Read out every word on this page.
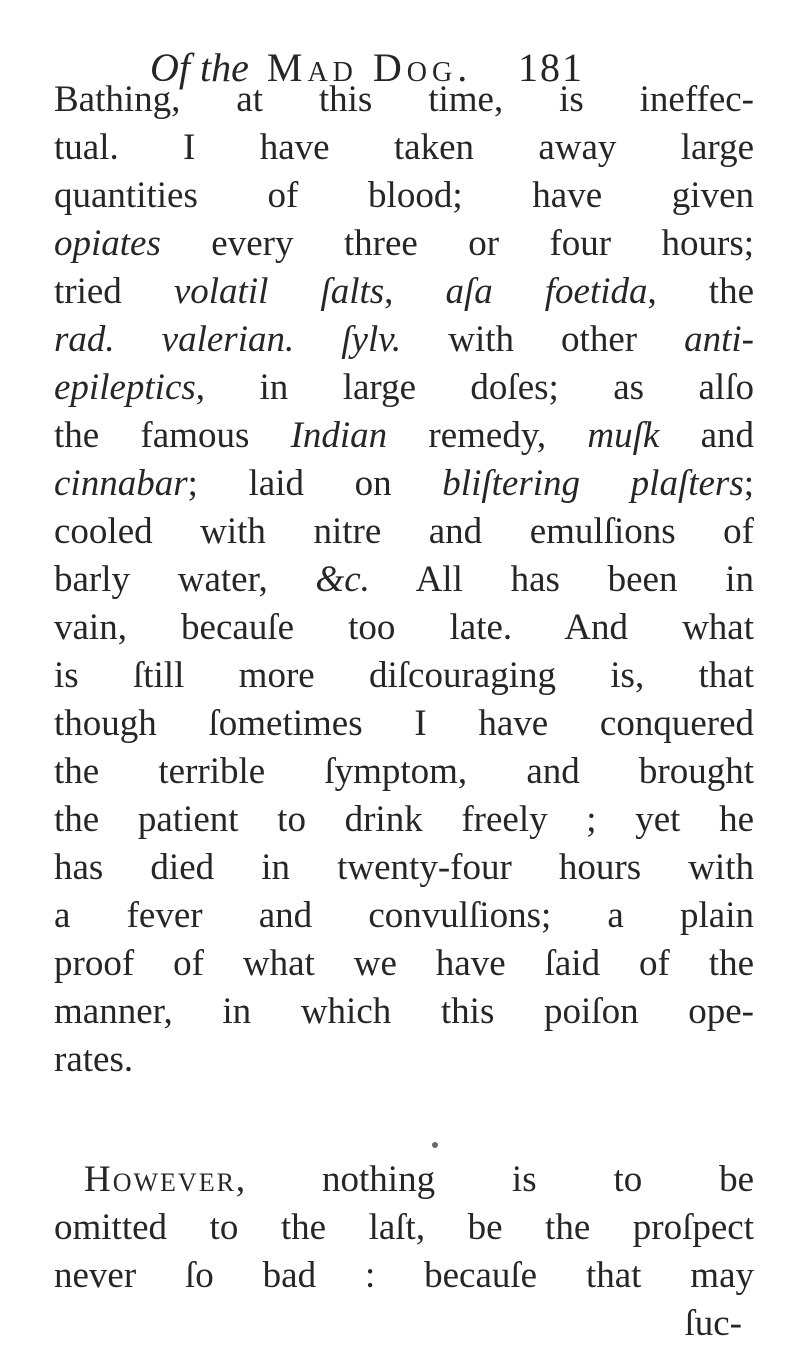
Of the Mad Dog. 181
Bathing, at this time, is ineffec-
tual. I have taken away large
quantities of blood; have given
opiates every three or four hours;
tried volatil ſalts, aſa foetida, the
rad. valerian. ſylv. with other anti-
epileptics, in large doſes; as alſo
the famous Indian remedy, muſk and
cinnabar; laid on bliſtering plaſters;
cooled with nitre and emulſions of
barly water, &c. All has been in
vain, becauſe too late. And what
is ſtill more diſcouraging is, that
though ſometimes I have conquered
the terrible ſymptom, and brought
the patient to drink freely ; yet he
has died in twenty-four hours with
a fever and convulſions; a plain
proof of what we have ſaid of the
manner, in which this poiſon ope-
rates.
However, nothing is to be
omitted to the laſt, be the proſpect
never ſo bad : becauſe that may
ſuc-
